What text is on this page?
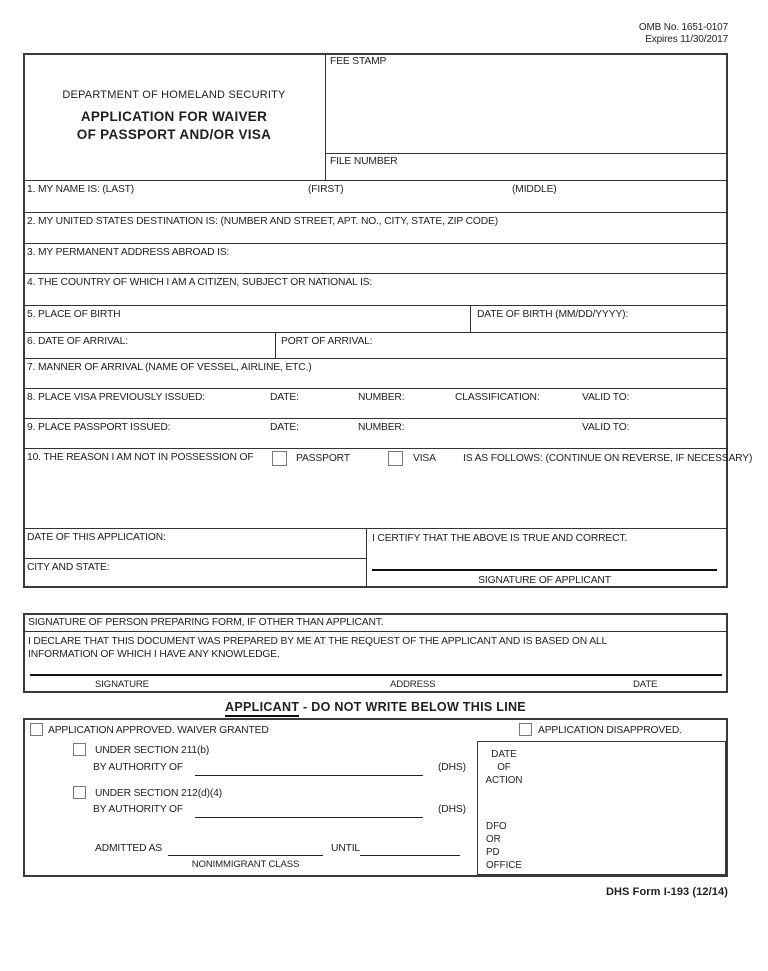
OMB No. 1651-0107
Expires 11/30/2017
DEPARTMENT OF HOMELAND SECURITY
APPLICATION FOR WAIVER
OF PASSPORT AND/OR VISA
FEE STAMP
FILE NUMBER
1. MY NAME IS: (LAST)	(FIRST)	(MIDDLE)
2. MY UNITED STATES DESTINATION IS: (NUMBER AND STREET, APT. NO., CITY, STATE, ZIP CODE)
3. MY PERMANENT ADDRESS ABROAD IS:
4. THE COUNTRY OF WHICH I AM A CITIZEN, SUBJECT OR NATIONAL IS:
5. PLACE OF BIRTH	DATE OF BIRTH (MM/DD/YYYY):
6. DATE OF ARRIVAL:	PORT OF ARRIVAL:
7. MANNER OF ARRIVAL (NAME OF VESSEL, AIRLINE, ETC.)
8. PLACE VISA PREVIOUSLY ISSUED:	DATE:	NUMBER:	CLASSIFICATION:	VALID TO:
9. PLACE PASSPORT ISSUED:	DATE:	NUMBER:	VALID TO:
10. THE REASON I AM NOT IN POSSESSION OF	PASSPORT	VISA	IS AS FOLLOWS: (CONTINUE ON REVERSE, IF NECESSARY)
DATE OF THIS APPLICATION:
CITY AND STATE:
I CERTIFY THAT THE ABOVE IS TRUE AND CORRECT.
SIGNATURE OF APPLICANT
SIGNATURE OF PERSON PREPARING FORM, IF OTHER THAN APPLICANT.
I DECLARE THAT THIS DOCUMENT WAS PREPARED BY ME AT THE REQUEST OF THE APPLICANT AND IS BASED ON ALL INFORMATION OF WHICH I HAVE ANY KNOWLEDGE.
SIGNATURE	ADDRESS	DATE
APPLICANT - DO NOT WRITE BELOW THIS LINE
APPLICATION APPROVED. WAIVER GRANTED	APPLICATION DISAPPROVED.
DATE
OF
ACTION
DFO
OR
PD
OFFICE
UNDER SECTION 211(b)
BY AUTHORITY OF	(DHS)
UNDER SECTION 212(d)(4)
BY AUTHORITY OF	(DHS)
ADMITTED AS	UNTIL
NONIMMIGRANT CLASS
DHS Form I-193 (12/14)
